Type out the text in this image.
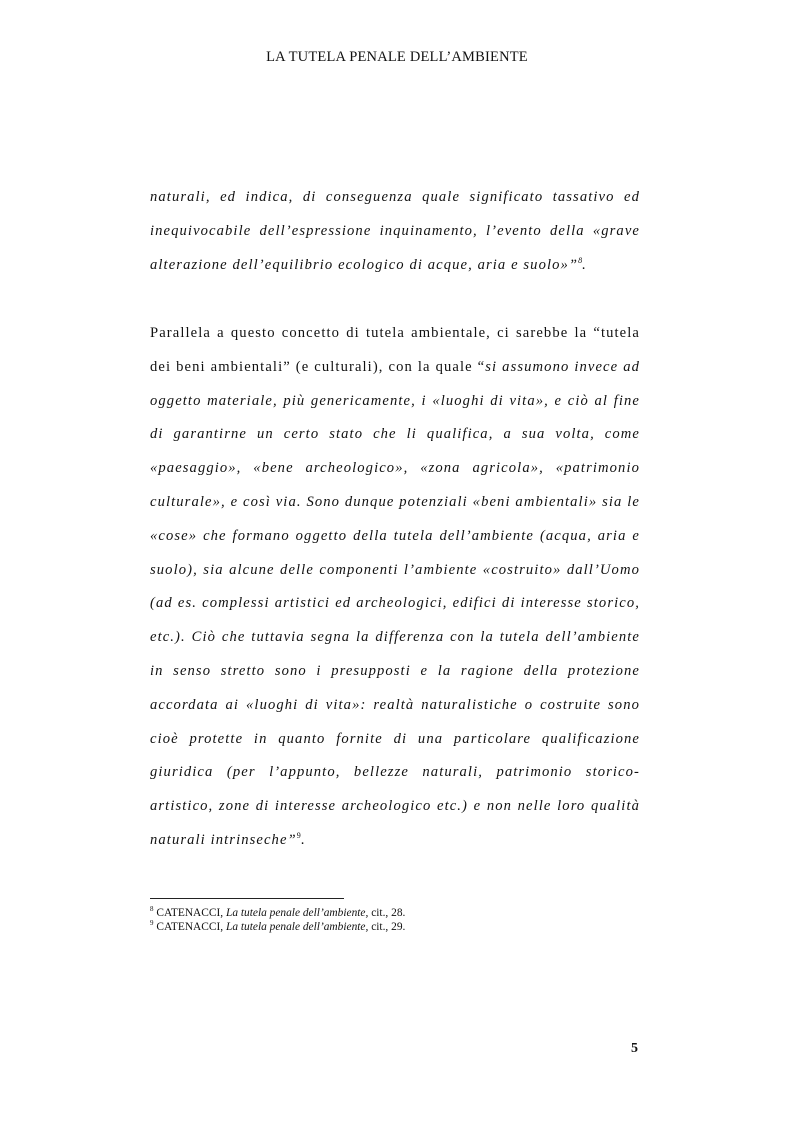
LA TUTELA PENALE DELL’AMBIENTE
naturali, ed indica, di conseguenza quale significato tassativo ed inequivocabile dell’espressione inquinamento, l’evento della «grave alterazione dell’equilibrio ecologico di acque, aria e suolo»”$^8$.
Parallela a questo concetto di tutela ambientale, ci sarebbe la “tutela dei beni ambientali” (e culturali), con la quale “si assumono invece ad oggetto materiale, più genericamente, i «luoghi di vita», e ciò al fine di garantirne un certo stato che li qualifica, a sua volta, come «paesaggio», «bene archeologico», «zona agricola», «patrimonio culturale», e così via. Sono dunque potenziali «beni ambientali» sia le «cose» che formano oggetto della tutela dell’ambiente (acqua, aria e suolo), sia alcune delle componenti l’ambiente «costruito» dall’Uomo (ad es. complessi artistici ed archeologici, edifici di interesse storico, etc.). Ciò che tuttavia segna la differenza con la tutela dell’ambiente in senso stretto sono i presupposti e la ragione della protezione accordata ai «luoghi di vita»: realtà naturalistiche o costruite sono cioè protette in quanto fornite di una particolare qualificazione giuridica (per l’appunto, bellezze naturali, patrimonio storico-artistico, zone di interesse archeologico etc.) e non nelle loro qualità naturali intrinseche”$^9$.
$^8$ CATENACCI, La tutela penale dell’ambiente, cit., 28.
$^9$ CATENACCI, La tutela penale dell’ambiente, cit., 29.
5
